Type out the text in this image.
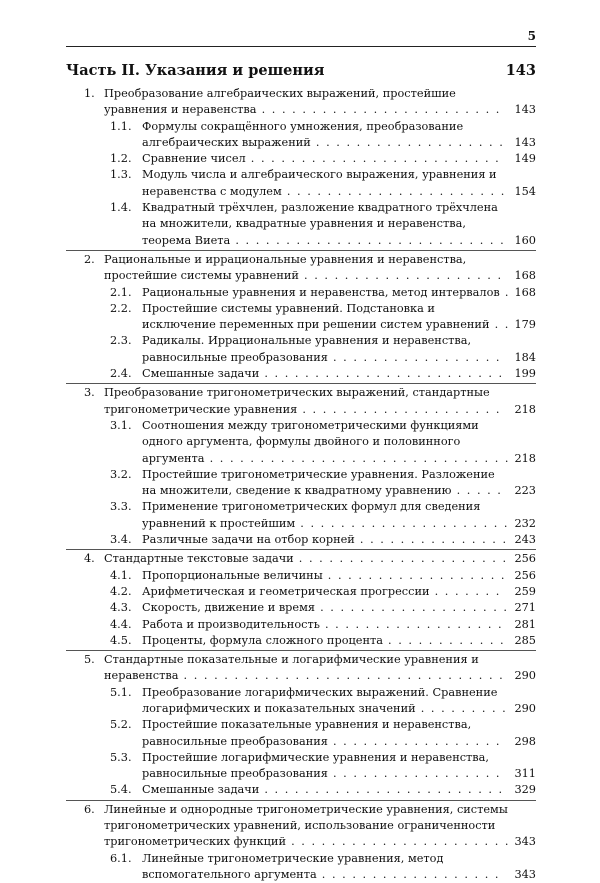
5
Часть II. Указания и решения	143
1. Преобразование алгебраических выражений, простейшие уравнения и неравенства . . . . . . . . . . . . . . . . . . . . . . . . 143
1.1. Формулы сокращённого умножения, преобразование алгебраических выражений . . . . . . . . . . . . . . . . . . . 143
1.2. Сравнение чисел . . . . . . . . . . . . . . . . . . . . . . . . . 149
1.3. Модуль числа и алгебраического выражения, уравнения и неравенства с модулем . . . . . . . . . . . . . . . . . . . . . . 154
1.4. Квадратный трёхчлен, разложение квадратного трёхчлена на множители, квадратные уравнения и неравенства, теорема Виета . . . . . . . . . . . . . . . . . . . . . . . . . . . 160
2. Рациональные и иррациональные уравнения и неравенства, простейшие системы уравнений . . . . . . . . . . . . . . . . . . . . 168
2.1. Рациональные уравнения и неравенства, метод интервалов . 168
2.2. Простейшие системы уравнений. Подстановка и исключение переменных при решении систем уравнений . . 179
2.3. Радикалы. Иррациональные уравнения и неравенства, равносильные преобразования . . . . . . . . . . . . . . . . . 184
2.4. Смешанные задачи . . . . . . . . . . . . . . . . . . . . . . . . 199
3. Преобразование тригонометрических выражений, стандартные тригонометрические уравнения . . . . . . . . . . . . . . . . . . . . 218
3.1. Соотношения между тригонометрическими функциями одного аргумента, формулы двойного и половинного аргумента . . . . . . . . . . . . . . . . . . . . . . . . . . . . . . 218
3.2. Простейшие тригонометрические уравнения. Разложение на множители, сведение к квадратному уравнению . . . . . 223
3.3. Применение тригонометрических формул для сведения уравнений к простейшим . . . . . . . . . . . . . . . . . . . . . 232
3.4. Различные задачи на отбор корней . . . . . . . . . . . . . . . 243
4. Стандартные текстовые задачи . . . . . . . . . . . . . . . . . . . . . 256
4.1. Пропорциональные величины . . . . . . . . . . . . . . . . . . 256
4.2. Арифметическая и геометрическая прогрессии . . . . . . . 259
4.3. Скорость, движение и время . . . . . . . . . . . . . . . . . . . 271
4.4. Работа и производительность . . . . . . . . . . . . . . . . . . 281
4.5. Проценты, формула сложного процента . . . . . . . . . . . . 285
5. Стандартные показательные и логарифмические уравнения и неравенства . . . . . . . . . . . . . . . . . . . . . . . . . . . . . . . . 290
5.1. Преобразование логарифмических выражений. Сравнение логарифмических и показательных значений . . . . . . . . . 290
5.2. Простейшие показательные уравнения и неравенства, равносильные преобразования . . . . . . . . . . . . . . . . . 298
5.3. Простейшие логарифмические уравнения и неравенства, равносильные преобразования . . . . . . . . . . . . . . . . . 311
5.4. Смешанные задачи . . . . . . . . . . . . . . . . . . . . . . . . 329
6. Линейные и однородные тригонометрические уравнения, системы тригонометрических уравнений, использование ограниченности тригонометрических функций . . . . . . . . . . . . . . . . . . . . . . 343
6.1. Линейные тригонометрические уравнения, метод вспомогательного аргумента . . . . . . . . . . . . . . . . . . 343
